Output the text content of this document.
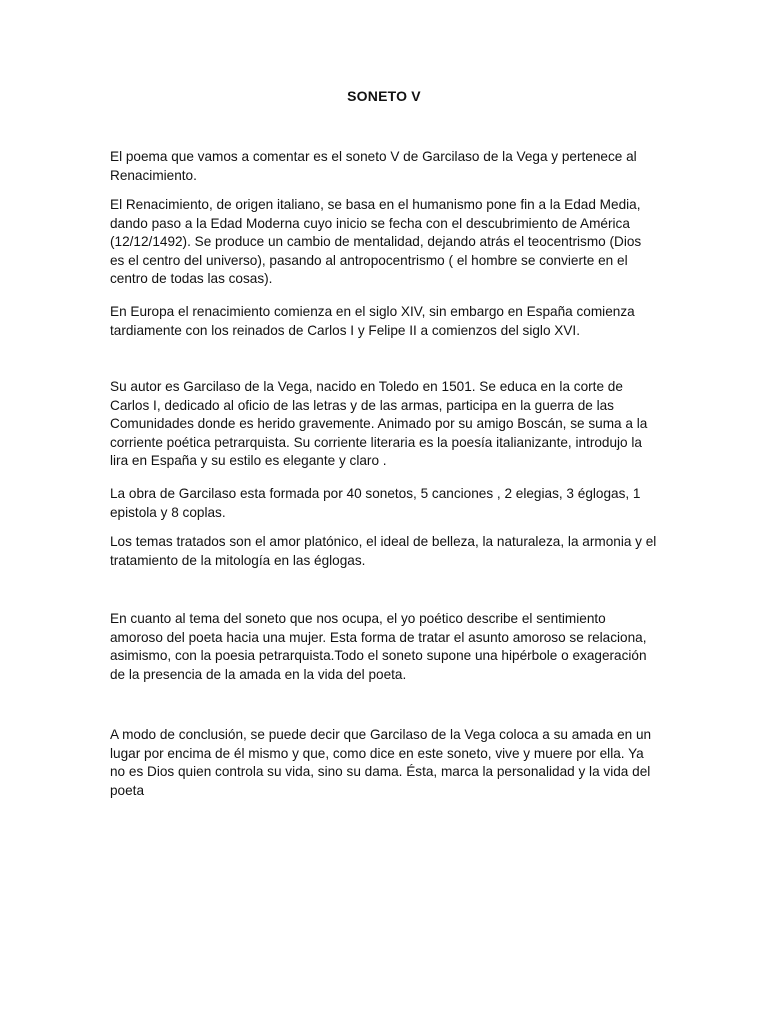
SONETO V

El poema que vamos a comentar es el soneto V de Garcilaso de la Vega y pertenece al Renacimiento.

El Renacimiento, de origen italiano, se basa en el humanismo pone fin a la Edad Media, dando paso a la Edad Moderna cuyo inicio se fecha con el descubrimiento de América (12/12/1492). Se produce un cambio de mentalidad, dejando atrás el teocentrismo (Dios es el centro del universo), pasando al antropocentrismo ( el hombre se convierte en el centro de todas las cosas).

En Europa el renacimiento comienza en el siglo XIV, sin embargo en España comienza tardiamente con los reinados de Carlos I y Felipe II a comienzos del siglo XVI.

Su autor es Garcilaso de la Vega, nacido en Toledo en 1501. Se educa en la corte de Carlos I, dedicado al oficio de las letras y de las armas, participa en la guerra de las Comunidades donde es herido gravemente. Animado por su amigo Boscán, se suma a la corriente poética petrarquista. Su corriente literaria es la poesía italianizante, introdujo la lira en España y su estilo es elegante y claro .

La obra de Garcilaso esta formada por 40 sonetos, 5 canciones , 2 elegias, 3 églogas, 1 epistola y 8 coplas.

Los temas tratados son el amor platónico, el ideal de belleza, la naturaleza, la armonia y el tratamiento de la mitología en las églogas.

En cuanto al tema del soneto que nos ocupa, el yo poético describe el sentimiento amoroso del poeta hacia una mujer. Esta forma de tratar el asunto amoroso se relaciona, asimismo, con la poesia petrarquista.Todo el soneto supone una hipérbole o exageración de la presencia de la amada en la vida del poeta.

A modo de conclusión, se puede decir que Garcilaso de la Vega coloca a su amada en un lugar por encima de él mismo y que, como dice en este soneto, vive y muere por ella. Ya no es Dios quien controla su vida, sino su dama. Ésta, marca la personalidad y la vida del poeta
